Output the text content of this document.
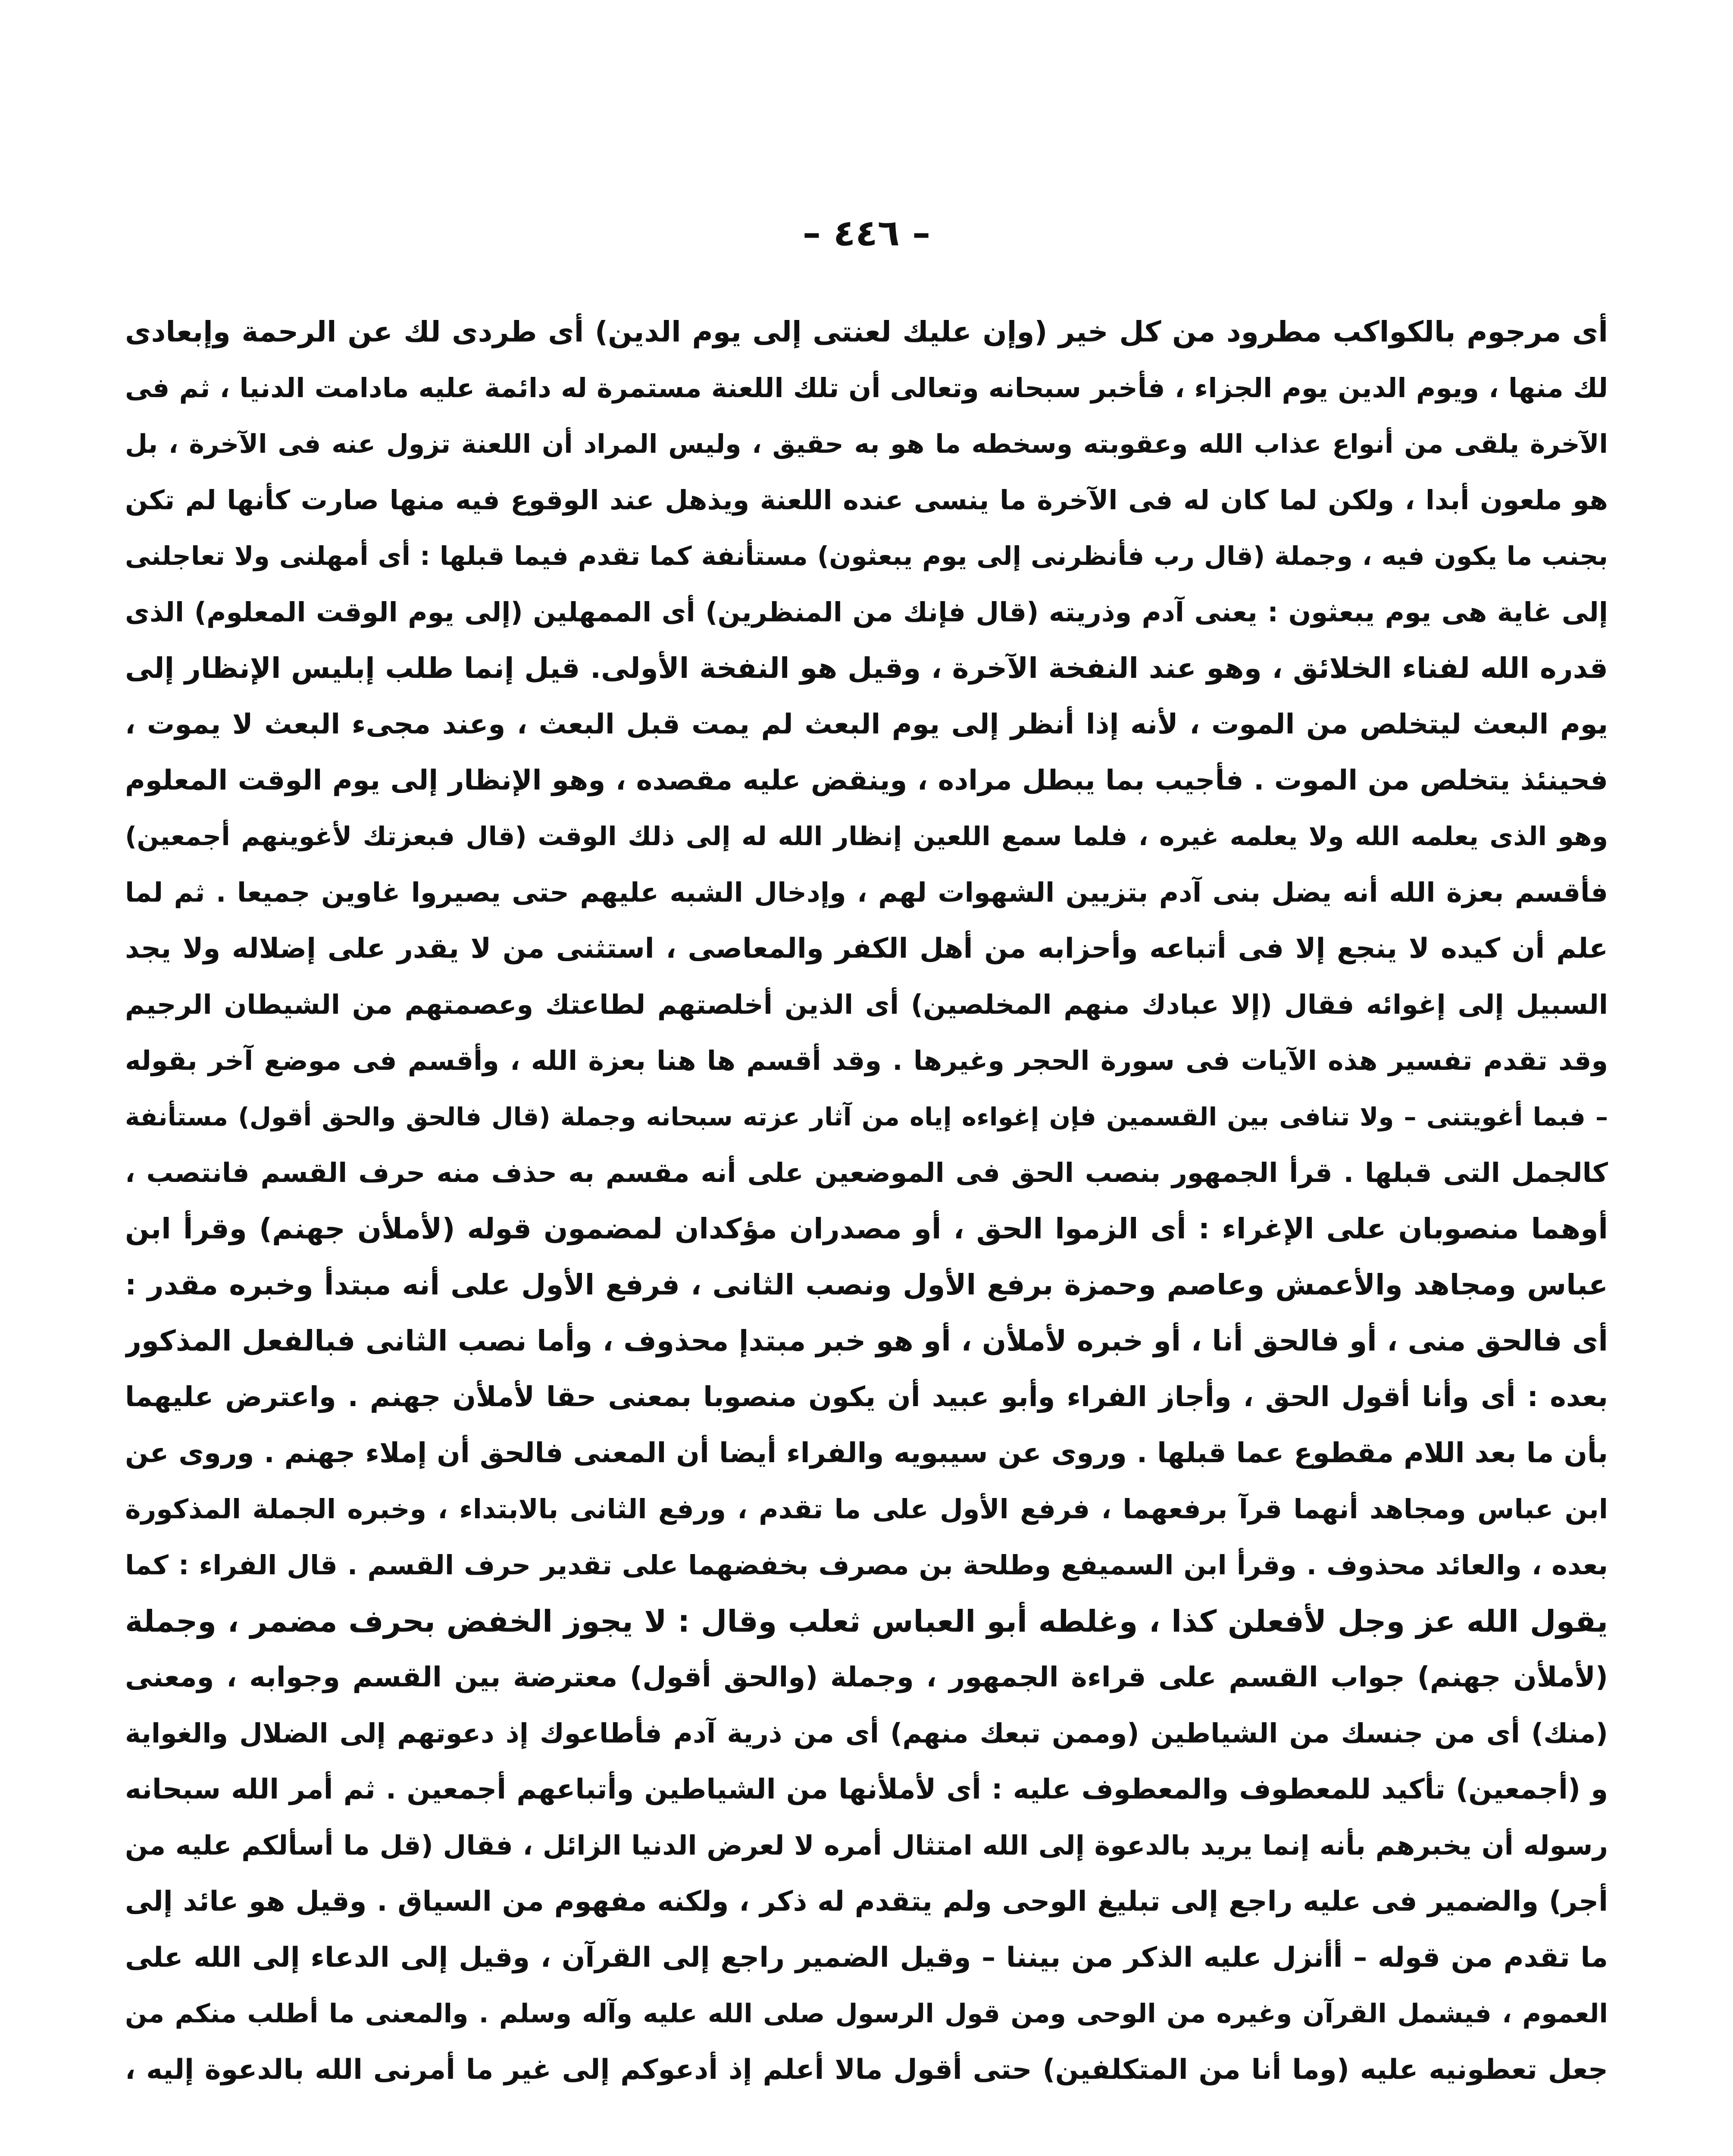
– ٤٤٦ –
أى مرجوم بالكواكب مطرود من كل خير (وإن عليك لعنتى إلى يوم الدين) أى طردى لك عن الرحمة وإبعادى
لك منها ، ويوم الدين يوم الجزاء ، فأخبر سبحانه وتعالى أن تلك اللعنة مستمرة له دائمة عليه مادامت الدنيا ، ثم فى
الآخرة يلقى من أنواع عذاب الله وعقوبته وسخطه ما هو به حقيق ، وليس المراد أن اللعنة تزول عنه فى الآخرة ، بل
هو ملعون أبدا ، ولكن لما كان له فى الآخرة ما ينسى عنده اللعنة ويذهل عند الوقوع فيه منها صارت كأنها لم تكن
بجنب ما يكون فيه ، وجملة (قال رب فأنظرنى إلى يوم يبعثون) مستأنفة كما تقدم فيما قبلها : أى أمهلنى ولا تعاجلنى
إلى غاية هى يوم يبعثون : يعنى آدم وذريته (قال فإنك من المنظرين) أى الممهلين (إلى يوم الوقت المعلوم) الذى
قدره الله لفناء الخلائق ، وهو عند النفخة الآخرة ، وقيل هو النفخة الأولى. قيل إنما طلب إبليس الإنظار إلى
يوم البعث ليتخلص من الموت ، لأنه إذا أنظر إلى يوم البعث لم يمت قبل البعث ، وعند مجىء البعث لا يموت ،
فحينئذ يتخلص من الموت . فأجيب بما يبطل مراده ، وينقض عليه مقصده ، وهو الإنظار إلى يوم الوقت المعلوم
وهو الذى يعلمه الله ولا يعلمه غيره ، فلما سمع اللعين إنظار الله له إلى ذلك الوقت (قال فبعزتك لأغوينهم أجمعين)
فأقسم بعزة الله أنه يضل بنى آدم بتزيين الشهوات لهم ، وإدخال الشبه عليهم حتى يصيروا غاوين جميعا . ثم لما
علم أن كيده لا ينجع إلا فى أتباعه وأحزابه من أهل الكفر والمعاصى ، استثنى من لا يقدر على إضلاله ولا يجد
السبيل إلى إغوائه فقال (إلا عبادك منهم المخلصين) أى الذين أخلصتهم لطاعتك وعصمتهم من الشيطان الرجيم
وقد تقدم تفسير هذه الآيات فى سورة الحجر وغيرها . وقد أقسم ها هنا بعزة الله ، وأقسم فى موضع آخر بقوله
– فبما أغويتنى – ولا تنافى بين القسمين فإن إغواءه إياه من آثار عزته سبحانه وجملة (قال فالحق والحق أقول) مستأنفة
كالجمل التى قبلها . قرأ الجمهور بنصب الحق فى الموضعين على أنه مقسم به حذف منه حرف القسم فانتصب ،
أوهما منصوبان على الإغراء : أى الزموا الحق ، أو مصدران مؤكدان لمضمون قوله (لأملأن جهنم) وقرأ ابن
عباس ومجاهد والأعمش وعاصم وحمزة برفع الأول ونصب الثانى ، فرفع الأول على أنه مبتدأ وخبره مقدر :
أى فالحق منى ، أو فالحق أنا ، أو خبره لأملأن ، أو هو خبر مبتدإ محذوف ، وأما نصب الثانى فبالفعل المذكور
بعده : أى وأنا أقول الحق ، وأجاز الفراء وأبو عبيد أن يكون منصوبا بمعنى حقا لأملأن جهنم . واعترض عليهما
بأن ما بعد اللام مقطوع عما قبلها . وروى عن سيبويه والفراء أيضا أن المعنى فالحق أن إملاء جهنم . وروى عن
ابن عباس ومجاهد أنهما قرآ برفعهما ، فرفع الأول على ما تقدم ، ورفع الثانى بالابتداء ، وخبره الجملة المذكورة
بعده ، والعائد محذوف . وقرأ ابن السميفع وطلحة بن مصرف بخفضهما على تقدير حرف القسم . قال الفراء : كما
يقول الله عز وجل لأفعلن كذا ، وغلطه أبو العباس ثعلب وقال : لا يجوز الخفض بحرف مضمر ، وجملة
(لأملأن جهنم) جواب القسم على قراءة الجمهور ، وجملة (والحق أقول) معترضة بين القسم وجوابه ، ومعنى
(منك) أى من جنسك من الشياطين (وممن تبعك منهم) أى من ذرية آدم فأطاعوك إذ دعوتهم إلى الضلال والغواية
و (أجمعين) تأكيد للمعطوف والمعطوف عليه : أى لأملأنها من الشياطين وأتباعهم أجمعين . ثم أمر الله سبحانه
رسوله أن يخبرهم بأنه إنما يريد بالدعوة إلى الله امتثال أمره لا لعرض الدنيا الزائل ، فقال (قل ما أسألكم عليه من
أجر) والضمير فى عليه راجع إلى تبليغ الوحى ولم يتقدم له ذكر ، ولكنه مفهوم من السياق . وقيل هو عائد إلى
ما تقدم من قوله – أأنزل عليه الذكر من بيننا – وقيل الضمير راجع إلى القرآن ، وقيل إلى الدعاء إلى الله على
العموم ، فيشمل القرآن وغيره من الوحى ومن قول الرسول صلى الله عليه وآله وسلم . والمعنى ما أطلب منكم من
جعل تعطونيه عليه (وما أنا من المتكلفين) حتى أقول مالا أعلم إذ أدعوكم إلى غير ما أمرنى الله بالدعوة إليه ،
